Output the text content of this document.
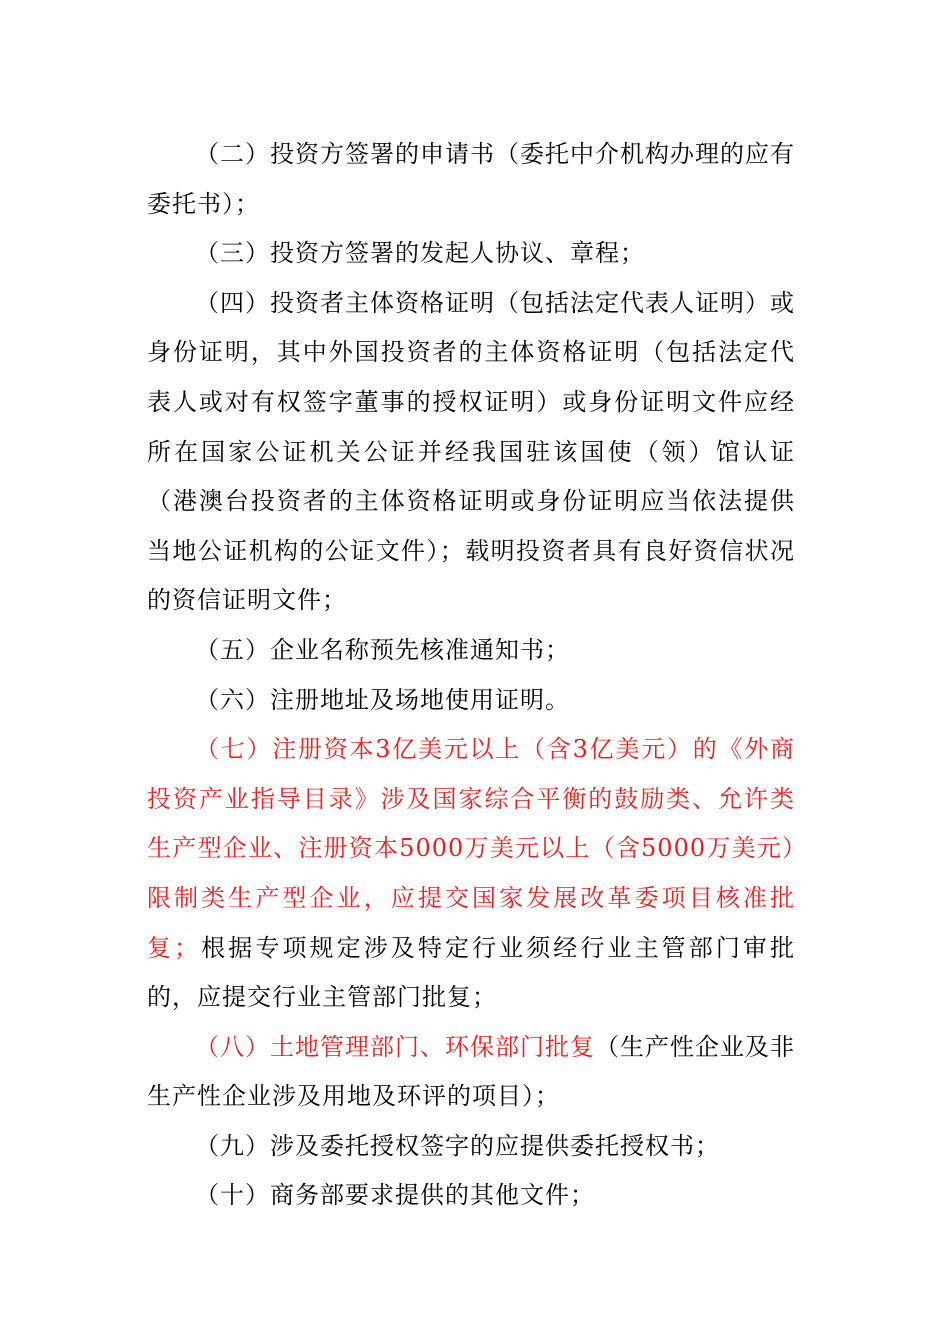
（二）投资方签署的申请书（委托中介机构办理的应有委托书）；

（三）投资方签署的发起人协议、章程；

（四）投资者主体资格证明（包括法定代表人证明）或身份证明，其中外国投资者的主体资格证明（包括法定代表人或对有权签字董事的授权证明）或身份证明文件应经所在国家公证机关公证并经我国驻该国使（领）馆认证（港澳台投资者的主体资格证明或身份证明应当依法提供当地公证机构的公证文件）；载明投资者具有良好资信状况的资信证明文件；

（五）企业名称预先核准通知书；

（六）注册地址及场地使用证明。

（七）注册资本3亿美元以上（含3亿美元）的《外商投资产业指导目录》涉及国家综合平衡的鼓励类、允许类生产型企业、注册资本5000万美元以上（含5000万美元）限制类生产型企业，应提交国家发展改革委项目核准批复；根据专项规定涉及特定行业须经行业主管部门审批的，应提交行业主管部门批复；

（八）土地管理部门、环保部门批复（生产性企业及非生产性企业涉及用地及环评的项目）；

（九）涉及委托授权签字的应提供委托授权书；

（十）商务部要求提供的其他文件；
